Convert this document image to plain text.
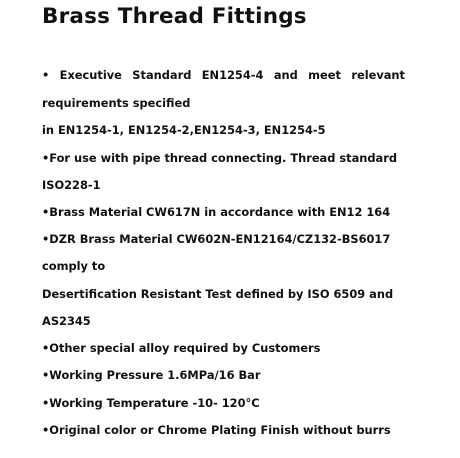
Brass Thread Fittings

• Executive Standard EN1254-4 and meet relevant

requirements specified

in EN1254-1, EN1254-2,EN1254-3, EN1254-5

•For use with pipe thread connecting. Thread standard

ISO228-1

•Brass Material CW617N in accordance with EN12 164

•DZR Brass Material CW602N-EN12164/CZ132-BS6017

comply to

Desertification Resistant Test defined by ISO 6509 and

AS2345

•Other special alloy required by Customers

•Working Pressure 1.6MPa/16 Bar

•Working Temperature -10- 120°C

•Original color or Chrome Plating Finish without burrs
